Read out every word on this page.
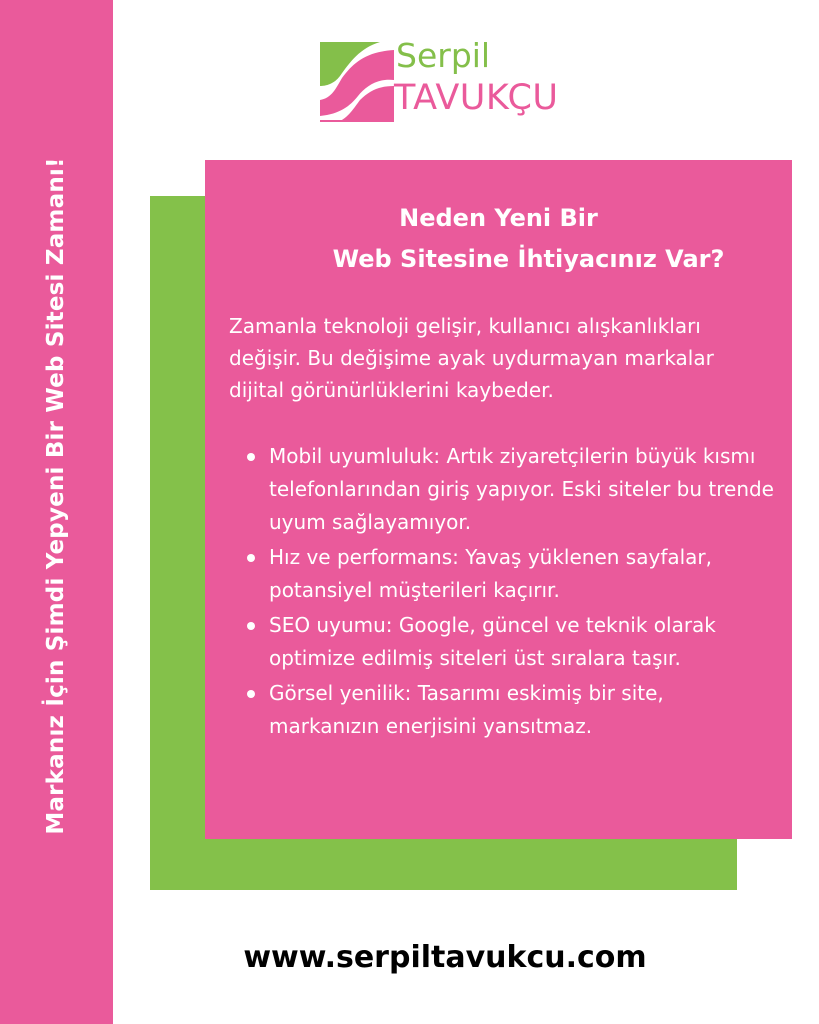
Markanız İçin Şimdi Yepyeni Bir Web Sitesi Zamanı!
Serpil
TAVUKÇU
Neden Yeni Bir
Web Sitesine İhtiyacınız Var?

Zamanla teknoloji gelişir, kullanıcı alışkanlıkları değişir. Bu değişime ayak uydurmayan markalar dijital görünürlüklerini kaybeder.

Mobil uyumluluk: Artık ziyaretçilerin büyük kısmı telefonlarından giriş yapıyor. Eski siteler bu trende uyum sağlayamıyor.
Hız ve performans: Yavaş yüklenen sayfalar, potansiyel müşterileri kaçırır.
SEO uyumu: Google, güncel ve teknik olarak optimize edilmiş siteleri üst sıralara taşır.
Görsel yenilik: Tasarımı eskimiş bir site, markanızın enerjisini yansıtmaz.
www.serpiltavukcu.com
